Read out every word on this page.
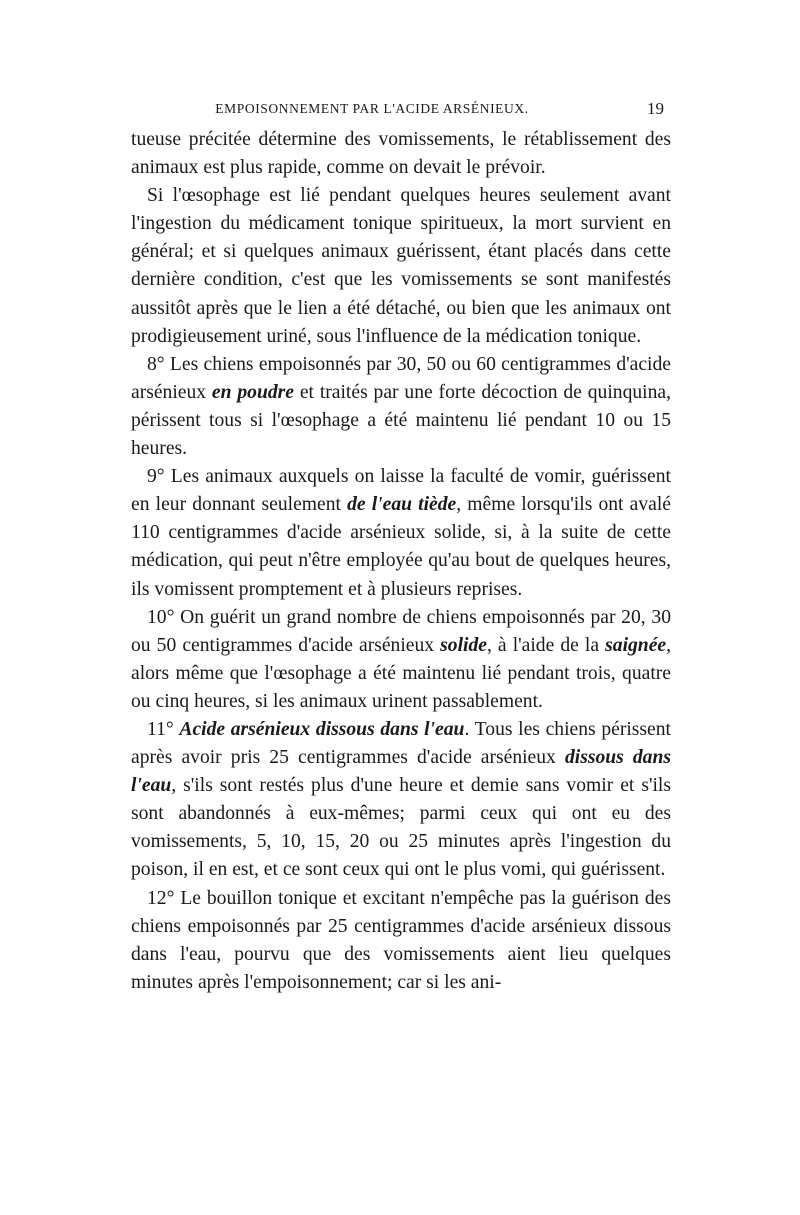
EMPOISONNEMENT PAR L'ACIDE ARSÉNIEUX.	19

tueuse précitée détermine des vomissements, le rétablissement des animaux est plus rapide, comme on devait le prévoir.

Si l'œsophage est lié pendant quelques heures seulement avant l'ingestion du médicament tonique spiritueux, la mort survient en général; et si quelques animaux guérissent, étant placés dans cette dernière condition, c'est que les vomissements se sont manifestés aussitôt après que le lien a été détaché, ou bien que les animaux ont prodigieusement uriné, sous l'influence de la médication tonique.

8° Les chiens empoisonnés par 30, 50 ou 60 centigrammes d'acide arsénieux en poudre et traités par une forte décoction de quinquina, périssent tous si l'œsophage a été maintenu lié pendant 10 ou 15 heures.

9° Les animaux auxquels on laisse la faculté de vomir, guérissent en leur donnant seulement de l'eau tiède, même lorsqu'ils ont avalé 110 centigrammes d'acide arsénieux solide, si, à la suite de cette médication, qui peut n'être employée qu'au bout de quelques heures, ils vomissent promptement et à plusieurs reprises.

10° On guérit un grand nombre de chiens empoisonnés par 20, 30 ou 50 centigrammes d'acide arsénieux solide, à l'aide de la saignée, alors même que l'œsophage a été maintenu lié pendant trois, quatre ou cinq heures, si les animaux urinent passablement.

11° Acide arsénieux dissous dans l'eau. Tous les chiens périssent après avoir pris 25 centigrammes d'acide arsénieux dissous dans l'eau, s'ils sont restés plus d'une heure et demie sans vomir et s'ils sont abandonnés à eux-mêmes; parmi ceux qui ont eu des vomissements, 5, 10, 15, 20 ou 25 minutes après l'ingestion du poison, il en est, et ce sont ceux qui ont le plus vomi, qui guérissent.

12° Le bouillon tonique et excitant n'empêche pas la guérison des chiens empoisonnés par 25 centigrammes d'acide arsénieux dissous dans l'eau, pourvu que des vomissements aient lieu quelques minutes après l'empoisonnement; car si les ani-
